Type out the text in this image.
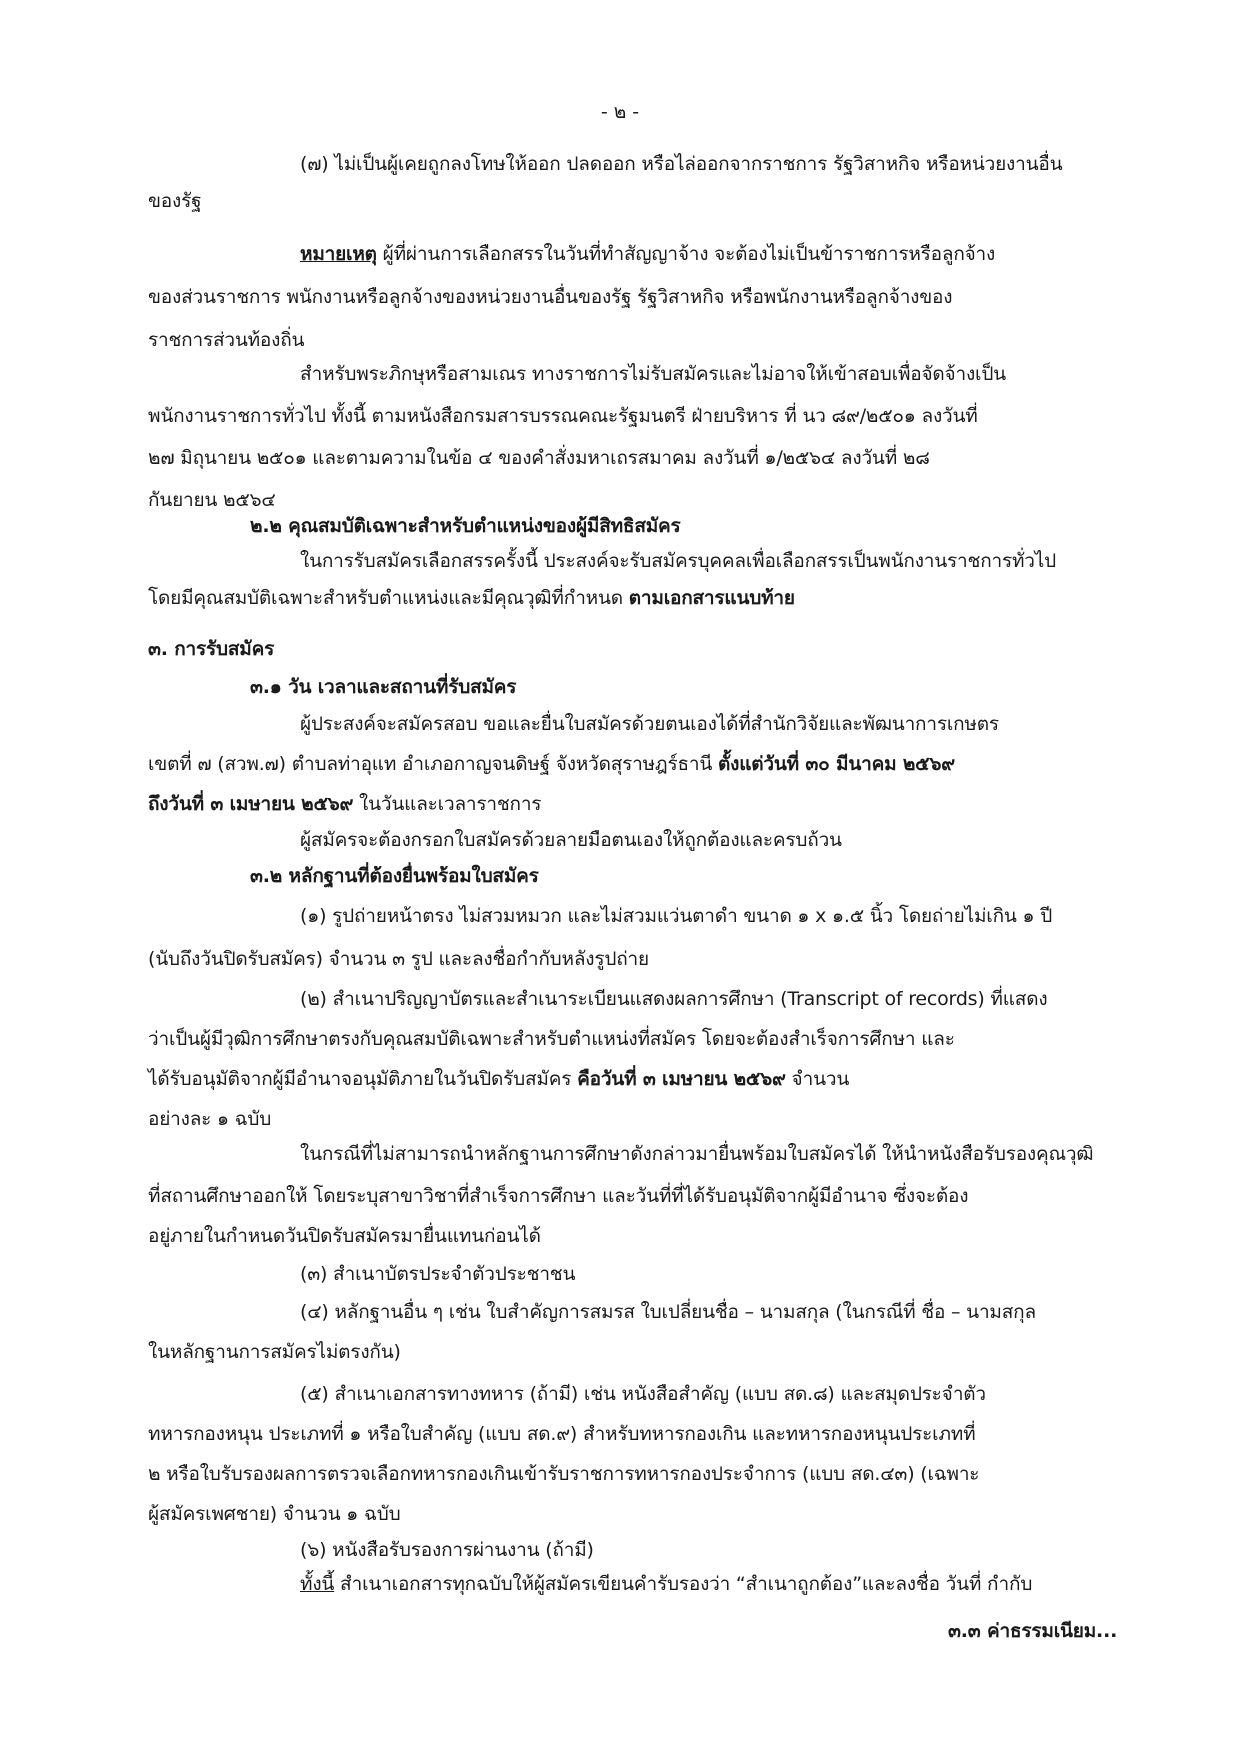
- ๒ -
(๗) ไม่เป็นผู้เคยถูกลงโทษให้ออก ปลดออก หรือไล่ออกจากราชการ รัฐวิสาหกิจ หรือหน่วยงานอื่น
ของรัฐ
หมายเหตุ ผู้ที่ผ่านการเลือกสรรในวันที่ทำสัญญาจ้าง จะต้องไม่เป็นข้าราชการหรือลูกจ้าง
ของส่วนราชการ พนักงานหรือลูกจ้างของหน่วยงานอื่นของรัฐ รัฐวิสาหกิจ หรือพนักงานหรือลูกจ้างของ
ราชการส่วนท้องถิ่น
สำหรับพระภิกษุหรือสามเณร ทางราชการไม่รับสมัครและไม่อาจให้เข้าสอบเพื่อจัดจ้างเป็น
พนักงานราชการทั่วไป ทั้งนี้ ตามหนังสือกรมสารบรรณคณะรัฐมนตรี ฝ่ายบริหาร ที่ นว ๘๙/๒๕๐๑ ลงวันที่
๒๗ มิถุนายน ๒๕๐๑ และตามความในข้อ ๔ ของคำสั่งมหาเถรสมาคม ลงวันที่ ๑/๒๕๖๔ ลงวันที่ ๒๘
กันยายน ๒๕๖๔
๒.๒ คุณสมบัติเฉพาะสำหรับตำแหน่งของผู้มีสิทธิสมัคร
ในการรับสมัครเลือกสรรครั้งนี้ ประสงค์จะรับสมัครบุคคลเพื่อเลือกสรรเป็นพนักงานราชการทั่วไป
โดยมีคุณสมบัติเฉพาะสำหรับตำแหน่งและมีคุณวุฒิที่กำหนด ตามเอกสารแนบท้าย
๓. การรับสมัคร
๓.๑ วัน เวลาและสถานที่รับสมัคร
ผู้ประสงค์จะสมัครสอบ ขอและยื่นใบสมัครด้วยตนเองได้ที่สำนักวิจัยและพัฒนาการเกษตร
เขตที่ ๗ (สวพ.๗) ตำบลท่าอุแท อำเภอกาญจนดิษฐ์ จังหวัดสุราษฎร์ธานี ตั้งแต่วันที่ ๓๐ มีนาคม ๒๕๖๙
ถึงวันที่ ๓ เมษายน ๒๕๖๙ ในวันและเวลาราชการ
ผู้สมัครจะต้องกรอกใบสมัครด้วยลายมือตนเองให้ถูกต้องและครบถ้วน
๓.๒ หลักฐานที่ต้องยื่นพร้อมใบสมัคร
(๑) รูปถ่ายหน้าตรง ไม่สวมหมวก และไม่สวมแว่นตาดำ ขนาด ๑ x ๑.๕ นิ้ว โดยถ่ายไม่เกิน ๑ ปี
(นับถึงวันปิดรับสมัคร) จำนวน ๓ รูป และลงชื่อกำกับหลังรูปถ่าย
(๒) สำเนาปริญญาบัตรและสำเนาระเบียนแสดงผลการศึกษา (Transcript of records) ที่แสดง
ว่าเป็นผู้มีวุฒิการศึกษาตรงกับคุณสมบัติเฉพาะสำหรับตำแหน่งที่สมัคร โดยจะต้องสำเร็จการศึกษา และ
ได้รับอนุมัติจากผู้มีอำนาจอนุมัติภายในวันปิดรับสมัคร คือวันที่ ๓ เมษายน ๒๕๖๙ จำนวน
อย่างละ ๑ ฉบับ
ในกรณีที่ไม่สามารถนำหลักฐานการศึกษาดังกล่าวมายื่นพร้อมใบสมัครได้ ให้นำหนังสือรับรองคุณวุฒิ
ที่สถานศึกษาออกให้ โดยระบุสาขาวิชาที่สำเร็จการศึกษา และวันที่ที่ได้รับอนุมัติจากผู้มีอำนาจ ซึ่งจะต้อง
อยู่ภายในกำหนดวันปิดรับสมัครมายื่นแทนก่อนได้
(๓) สำเนาบัตรประจำตัวประชาชน
(๔) หลักฐานอื่น ๆ เช่น ใบสำคัญการสมรส ใบเปลี่ยนชื่อ – นามสกุล (ในกรณีที่ ชื่อ – นามสกุล
ในหลักฐานการสมัครไม่ตรงกัน)
(๕) สำเนาเอกสารทางทหาร (ถ้ามี) เช่น หนังสือสำคัญ (แบบ สด.๘) และสมุดประจำตัว
ทหารกองหนุน ประเภทที่ ๑ หรือใบสำคัญ (แบบ สด.๙) สำหรับทหารกองเกิน และทหารกองหนุนประเภทที่
๒ หรือใบรับรองผลการตรวจเลือกทหารกองเกินเข้ารับราชการทหารกองประจำการ (แบบ สด.๔๓) (เฉพาะ
ผู้สมัครเพศชาย) จำนวน ๑ ฉบับ
(๖) หนังสือรับรองการผ่านงาน (ถ้ามี)
ทั้งนี้ สำเนาเอกสารทุกฉบับให้ผู้สมัครเขียนคำรับรองว่า “สำเนาถูกต้อง”และลงชื่อ วันที่ กำกับ
๓.๓ ค่าธรรมเนียม...
